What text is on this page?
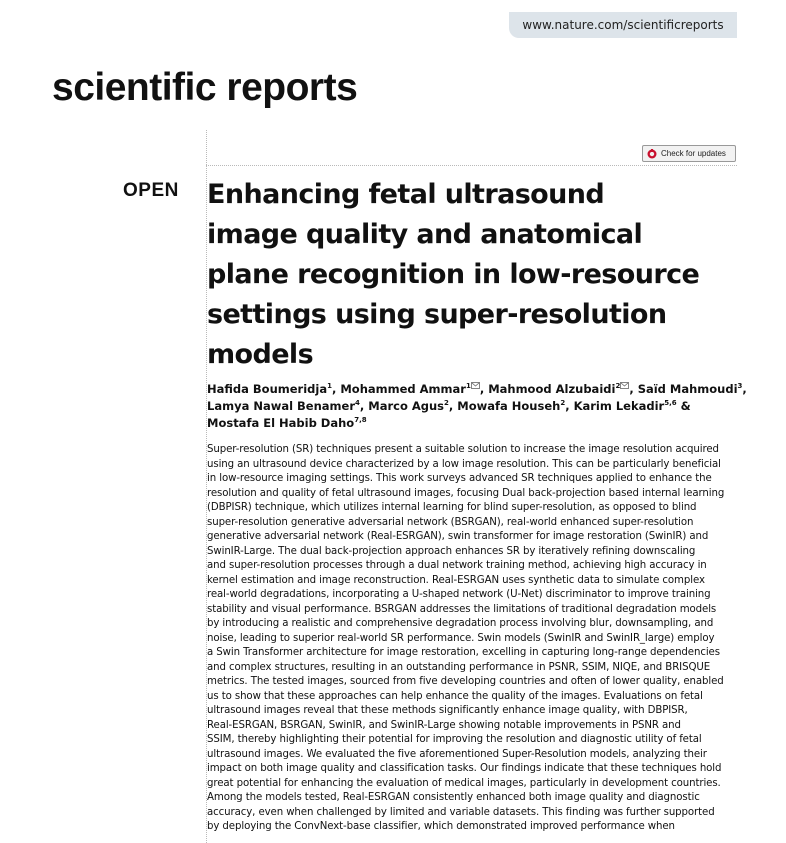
www.nature.com/scientificreports
scientific reports
Check for updates
OPEN Enhancing fetal ultrasound
image quality and anatomical
plane recognition in low-resource
settings using super-resolution
models
Hafida Boumeridja$^1$, Mohammed Ammar$^1$ , Mahmood Alzubaidi$^2$ , Saïd Mahmoudi$^3$,
Lamya Nawal Benamer$^4$, Marco Agus$^2$, Mowafa Househ$^2$, Karim Lekadir$^{5,6}$ &
Mostafa El Habib Daho$^{7,8}$
Super-resolution (SR) techniques present a suitable solution to increase the image resolution acquired
using an ultrasound device characterized by a low image resolution. This can be particularly beneficial
in low-resource imaging settings. This work surveys advanced SR techniques applied to enhance the
resolution and quality of fetal ultrasound images, focusing Dual back-projection based internal learning
(DBPISR) technique, which utilizes internal learning for blind super-resolution, as opposed to blind
super-resolution generative adversarial network (BSRGAN), real-world enhanced super-resolution
generative adversarial network (Real-ESRGAN), swin transformer for image restoration (SwinIR) and
SwinIR-Large. The dual back-projection approach enhances SR by iteratively refining downscaling
and super-resolution processes through a dual network training method, achieving high accuracy in
kernel estimation and image reconstruction. Real-ESRGAN uses synthetic data to simulate complex
real-world degradations, incorporating a U-shaped network (U-Net) discriminator to improve training
stability and visual performance. BSRGAN addresses the limitations of traditional degradation models
by introducing a realistic and comprehensive degradation process involving blur, downsampling, and
noise, leading to superior real-world SR performance. Swin models (SwinIR and SwinIR_large) employ
a Swin Transformer architecture for image restoration, excelling in capturing long-range dependencies
and complex structures, resulting in an outstanding performance in PSNR, SSIM, NIQE, and BRISQUE
metrics. The tested images, sourced from five developing countries and often of lower quality, enabled
us to show that these approaches can help enhance the quality of the images. Evaluations on fetal
ultrasound images reveal that these methods significantly enhance image quality, with DBPISR,
Real-ESRGAN, BSRGAN, SwinIR, and SwinIR-Large showing notable improvements in PSNR and
SSIM, thereby highlighting their potential for improving the resolution and diagnostic utility of fetal
ultrasound images. We evaluated the five aforementioned Super-Resolution models, analyzing their
impact on both image quality and classification tasks. Our findings indicate that these techniques hold
great potential for enhancing the evaluation of medical images, particularly in development countries.
Among the models tested, Real-ESRGAN consistently enhanced both image quality and diagnostic
accuracy, even when challenged by limited and variable datasets. This finding was further supported
by deploying the ConvNext-base classifier, which demonstrated improved performance when
